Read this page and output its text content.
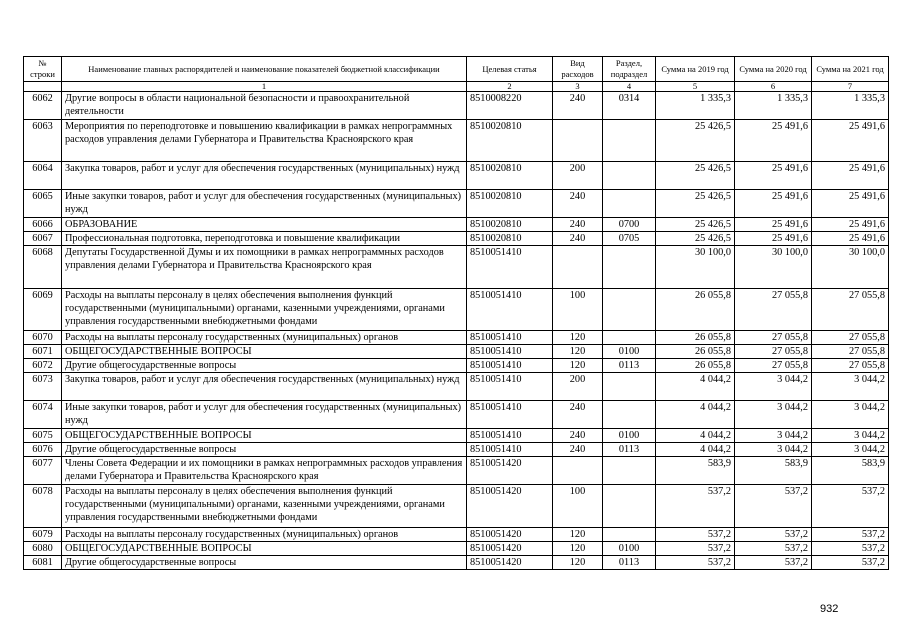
№ строки	Наименование главных распорядителей и наименование показателей бюджетной классификации	Целевая статья	Вид расходов	Раздел, подраздел	Сумма на 2019 год	Сумма на 2020 год	Сумма на 2021 год
	1	2	3	4	5	6	7
6062	Другие вопросы в области национальной безопасности и правоохранительной деятельности	8510008220	240	0314	1 335,3	1 335,3	1 335,3
6063	Мероприятия по переподготовке и повышению квалификации в рамках непрограммных расходов управления делами Губернатора и Правительства Красноярского края	8510020810			25 426,5	25 491,6	25 491,6
6064	Закупка товаров, работ и услуг для обеспечения государственных (муниципальных) нужд	8510020810	200		25 426,5	25 491,6	25 491,6
6065	Иные закупки товаров, работ и услуг для обеспечения государственных (муниципальных) нужд	8510020810	240		25 426,5	25 491,6	25 491,6
6066	ОБРАЗОВАНИЕ	8510020810	240	0700	25 426,5	25 491,6	25 491,6
6067	Профессиональная подготовка, переподготовка и повышение квалификации	8510020810	240	0705	25 426,5	25 491,6	25 491,6
6068	Депутаты Государственной Думы и их помощники в рамках непрограммных расходов управления делами Губернатора и Правительства Красноярского края	8510051410			30 100,0	30 100,0	30 100,0
6069	Расходы на выплаты персоналу в целях обеспечения выполнения функций государственными (муниципальными) органами, казенными учреждениями, органами управления государственными внебюджетными фондами	8510051410	100		26 055,8	27 055,8	27 055,8
6070	Расходы на выплаты персоналу государственных (муниципальных) органов	8510051410	120		26 055,8	27 055,8	27 055,8
6071	ОБЩЕГОСУДАРСТВЕННЫЕ ВОПРОСЫ	8510051410	120	0100	26 055,8	27 055,8	27 055,8
6072	Другие общегосударственные вопросы	8510051410	120	0113	26 055,8	27 055,8	27 055,8
6073	Закупка товаров, работ и услуг для обеспечения государственных (муниципальных) нужд	8510051410	200		4 044,2	3 044,2	3 044,2
6074	Иные закупки товаров, работ и услуг для обеспечения государственных (муниципальных) нужд	8510051410	240		4 044,2	3 044,2	3 044,2
6075	ОБЩЕГОСУДАРСТВЕННЫЕ ВОПРОСЫ	8510051410	240	0100	4 044,2	3 044,2	3 044,2
6076	Другие общегосударственные вопросы	8510051410	240	0113	4 044,2	3 044,2	3 044,2
6077	Члены Совета Федерации и их помощники в рамках непрограммных расходов управления делами Губернатора и Правительства Красноярского края	8510051420			583,9	583,9	583,9
6078	Расходы на выплаты персоналу в целях обеспечения выполнения функций государственными (муниципальными) органами, казенными учреждениями, органами управления государственными внебюджетными фондами	8510051420	100		537,2	537,2	537,2
6079	Расходы на выплаты персоналу государственных (муниципальных) органов	8510051420	120		537,2	537,2	537,2
6080	ОБЩЕГОСУДАРСТВЕННЫЕ ВОПРОСЫ	8510051420	120	0100	537,2	537,2	537,2
6081	Другие общегосударственные вопросы	8510051420	120	0113	537,2	537,2	537,2
932
